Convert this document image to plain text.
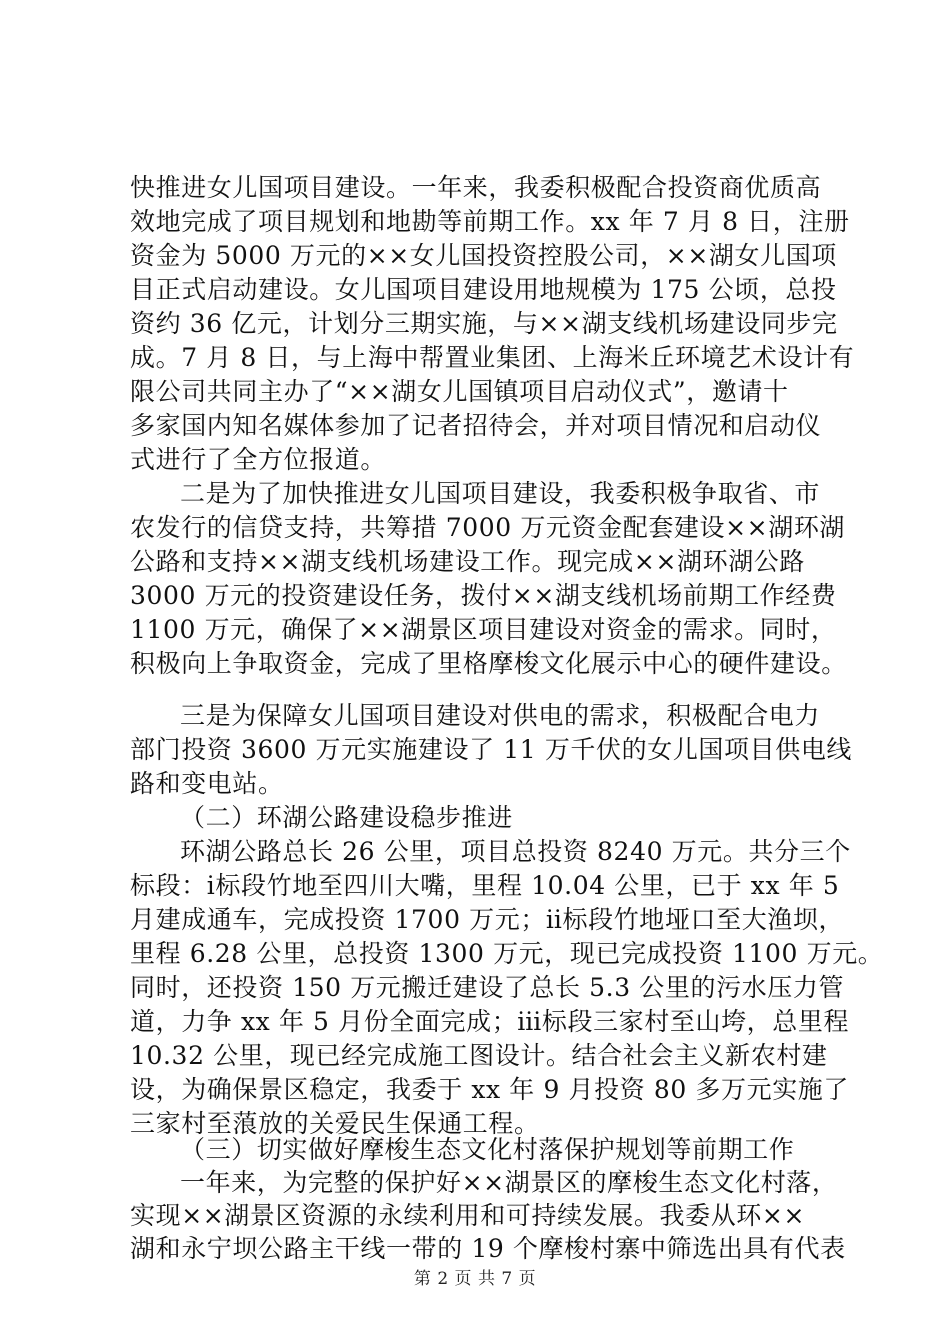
快推进女儿国项目建设。一年来，我委积极配合投资商优质高
效地完成了项目规划和地勘等前期工作。xx 年 7 月 8 日，注册
资金为 5000 万元的××女儿国投资控股公司，××湖女儿国项
目正式启动建设。女儿国项目建设用地规模为 175 公顷，总投
资约 36 亿元，计划分三期实施，与××湖支线机场建设同步完
成。7 月 8 日，与上海中帮置业集团、上海米丘环境艺术设计有
限公司共同主办了“××湖女儿国镇项目启动仪式”，邀请十
多家国内知名媒体参加了记者招待会，并对项目情况和启动仪
式进行了全方位报道。
二是为了加快推进女儿国项目建设，我委积极争取省、市
农发行的信贷支持，共筹措 7000 万元资金配套建设××湖环湖
公路和支持××湖支线机场建设工作。现完成××湖环湖公路
3000 万元的投资建设任务，拨付××湖支线机场前期工作经费
1100 万元，确保了××湖景区项目建设对资金的需求。同时，
积极向上争取资金，完成了里格摩梭文化展示中心的硬件建设。
三是为保障女儿国项目建设对供电的需求，积极配合电力
部门投资 3600 万元实施建设了 11 万千伏的女儿国项目供电线
路和变电站。
（二）环湖公路建设稳步推进
环湖公路总长 26 公里，项目总投资 8240 万元。共分三个
标段：ⅰ标段竹地至四川大嘴，里程 10.04 公里，已于 xx 年 5
月建成通车，完成投资 1700 万元；ⅱ标段竹地垭口至大渔坝，
里程 6.28 公里，总投资 1300 万元，现已完成投资 1100 万元。
同时，还投资 150 万元搬迁建设了总长 5.3 公里的污水压力管
道，力争 xx 年 5 月份全面完成；ⅲ标段三家村至山垮，总里程
10.32 公里，现已经完成施工图设计。结合社会主义新农村建
设，为确保景区稳定，我委于 xx 年 9 月投资 80 多万元实施了
三家村至蒗放的关爱民生保通工程。
（三）切实做好摩梭生态文化村落保护规划等前期工作
一年来，为完整的保护好××湖景区的摩梭生态文化村落，
实现××湖景区资源的永续利用和可持续发展。我委从环××
湖和永宁坝公路主干线一带的 19 个摩梭村寨中筛选出具有代表
第 2 页 共 7 页
